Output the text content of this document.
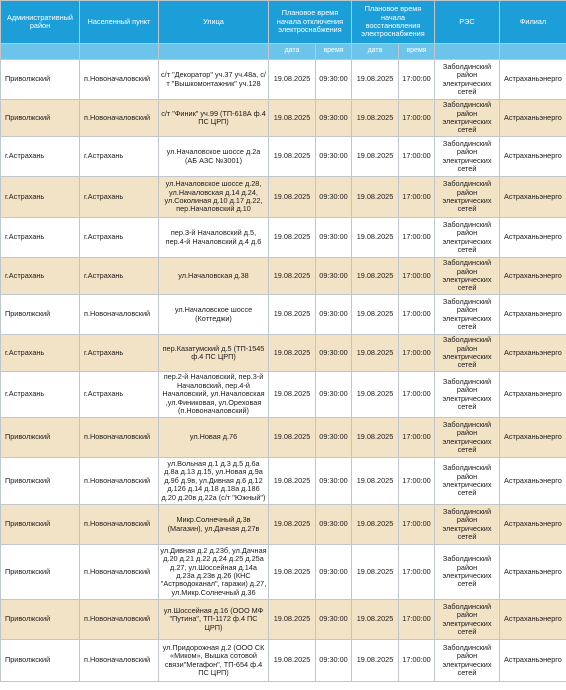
Административный район	Населенный пункт	Улица	Плановое время начала отключения электроснабжения		Плановое время начала восстановления электроснабжения		РЭС	Филиал
			дата	время	дата	время		
Приволжский	п.Новоначаловский	с/т "Декоратор" уч.37 уч.48а, с/т "Вышкомонтажник" уч.128	19.08.2025	09:30:00	19.08.2025	17:00:00	Заболдинский район электрических сетей	Астраханьэнерго
Приволжский	п.Новоначаловский	с/т "Финик" уч.99 (ТП-618А ф.4 ПС ЦРП)	19.08.2025	09:30:00	19.08.2025	17:00:00	Заболдинский район электрических сетей	Астраханьэнерго
г.Астрахань	г.Астрахань	ул.Началовское шоссе д.2а (АБ АЗС №3001)	19.08.2025	09:30:00	19.08.2025	17:00:00	Заболдинский район электрических сетей	Астраханьэнерго
г.Астрахань	г.Астрахань	ул.Началовское шоссе д.28, ул.Началовская д.14 д.24, ул.Соколиная д.10 д.17 д.22, пер.Началовский д.10	19.08.2025	09:30:00	19.08.2025	17:00:00	Заболдинский район электрических сетей	Астраханьэнерго
г.Астрахань	г.Астрахань	пер.3-й Началовский д.5, пер.4-й Началовский д.4 д.6	19.08.2025	09:30:00	19.08.2025	17:00:00	Заболдинский район электрических сетей	Астраханьэнерго
г.Астрахань	г.Астрахань	ул.Началовская д.38	19.08.2025	09:30:00	19.08.2025	17:00:00	Заболдинский район электрических сетей	Астраханьэнерго
Приволжский	п.Новоначаловский	ул.Началовское шоссе (Коттеджи)	19.08.2025	09:30:00	19.08.2025	17:00:00	Заболдинский район электрических сетей	Астраханьэнерго
г.Астрахань	г.Астрахань	пер.Казатумский д.5 (ТП-1545 ф.4 ПС ЦРП)	19.08.2025	09:30:00	19.08.2025	17:00:00	Заболдинский район электрических сетей	Астраханьэнерго
г.Астрахань	г.Астрахань	пер.2-й Началовский, пер.3-й Началовский, пер.4-й Началовский, ул.Началовская ,ул.Финиковая, ул.Ореховая (п.Новоначаловский)	19.08.2025	09:30:00	19.08.2025	17:00:00	Заболдинский район электрических сетей	Астраханьэнерго
Приволжский	п.Новоначаловский	ул.Новая д.76	19.08.2025	09:30:00	19.08.2025	17:00:00	Заболдинский район электрических сетей	Астраханьэнерго
Приволжский	п.Новоначаловский	ул.Вольная д.1 д.3 д.5 д.6а д.8а д.13 д.15, ул.Новая д.9а д.9б д.9в, ул.Дивная д.6 д.12 д.126 д.14 д.18 д.18а д.186 д.20 д.20в д.22а (с/т "Южный")	19.08.2025	09:30:00	19.08.2025	17:00:00	Заболдинский район электрических сетей	Астраханьэнерго
Приволжский	п.Новоначаловский	Микр.Солнечный д.3в (Магазин), ул.Дачная д.27в	19.08.2025	09:30:00	19.08.2025	17:00:00	Заболдинский район электрических сетей	Астраханьэнерго
Приволжский	п.Новоначаловский	ул.Дивная д.2 д.23б, ул.Дачная д.20 д.21 д.22 д.24 д.25 д.25а д.27, ул.Шоссейная д.14а д.23а д.23в д.26 (КНС "Астрводоканал", гаражи) д.27, ул.Микр.Солнечный д.36	19.08.2025	09:30:00	19.08.2025	17:00:00	Заболдинский район электрических сетей	Астраханьэнерго
Приволжский	п.Новоначаловский	ул.Шоссейная д.16 (ООО МФ "Путина", ТП-1172 ф.4 ПС ЦРП)	19.08.2025	09:30:00	19.08.2025	17:00:00	Заболдинский район электрических сетей	Астраханьэнерго
Приволжский	п.Новоначаловский	ул.Придорожная д.2 (ООО СК «Миком», Вышка сотовой связи"Мегафон", ТП-654 ф.4 ПС ЦРП)	19.08.2025	09:30:00	19.08.2025	17:00:00	Заболдинский район электрических сетей	Астраханьэнерго
